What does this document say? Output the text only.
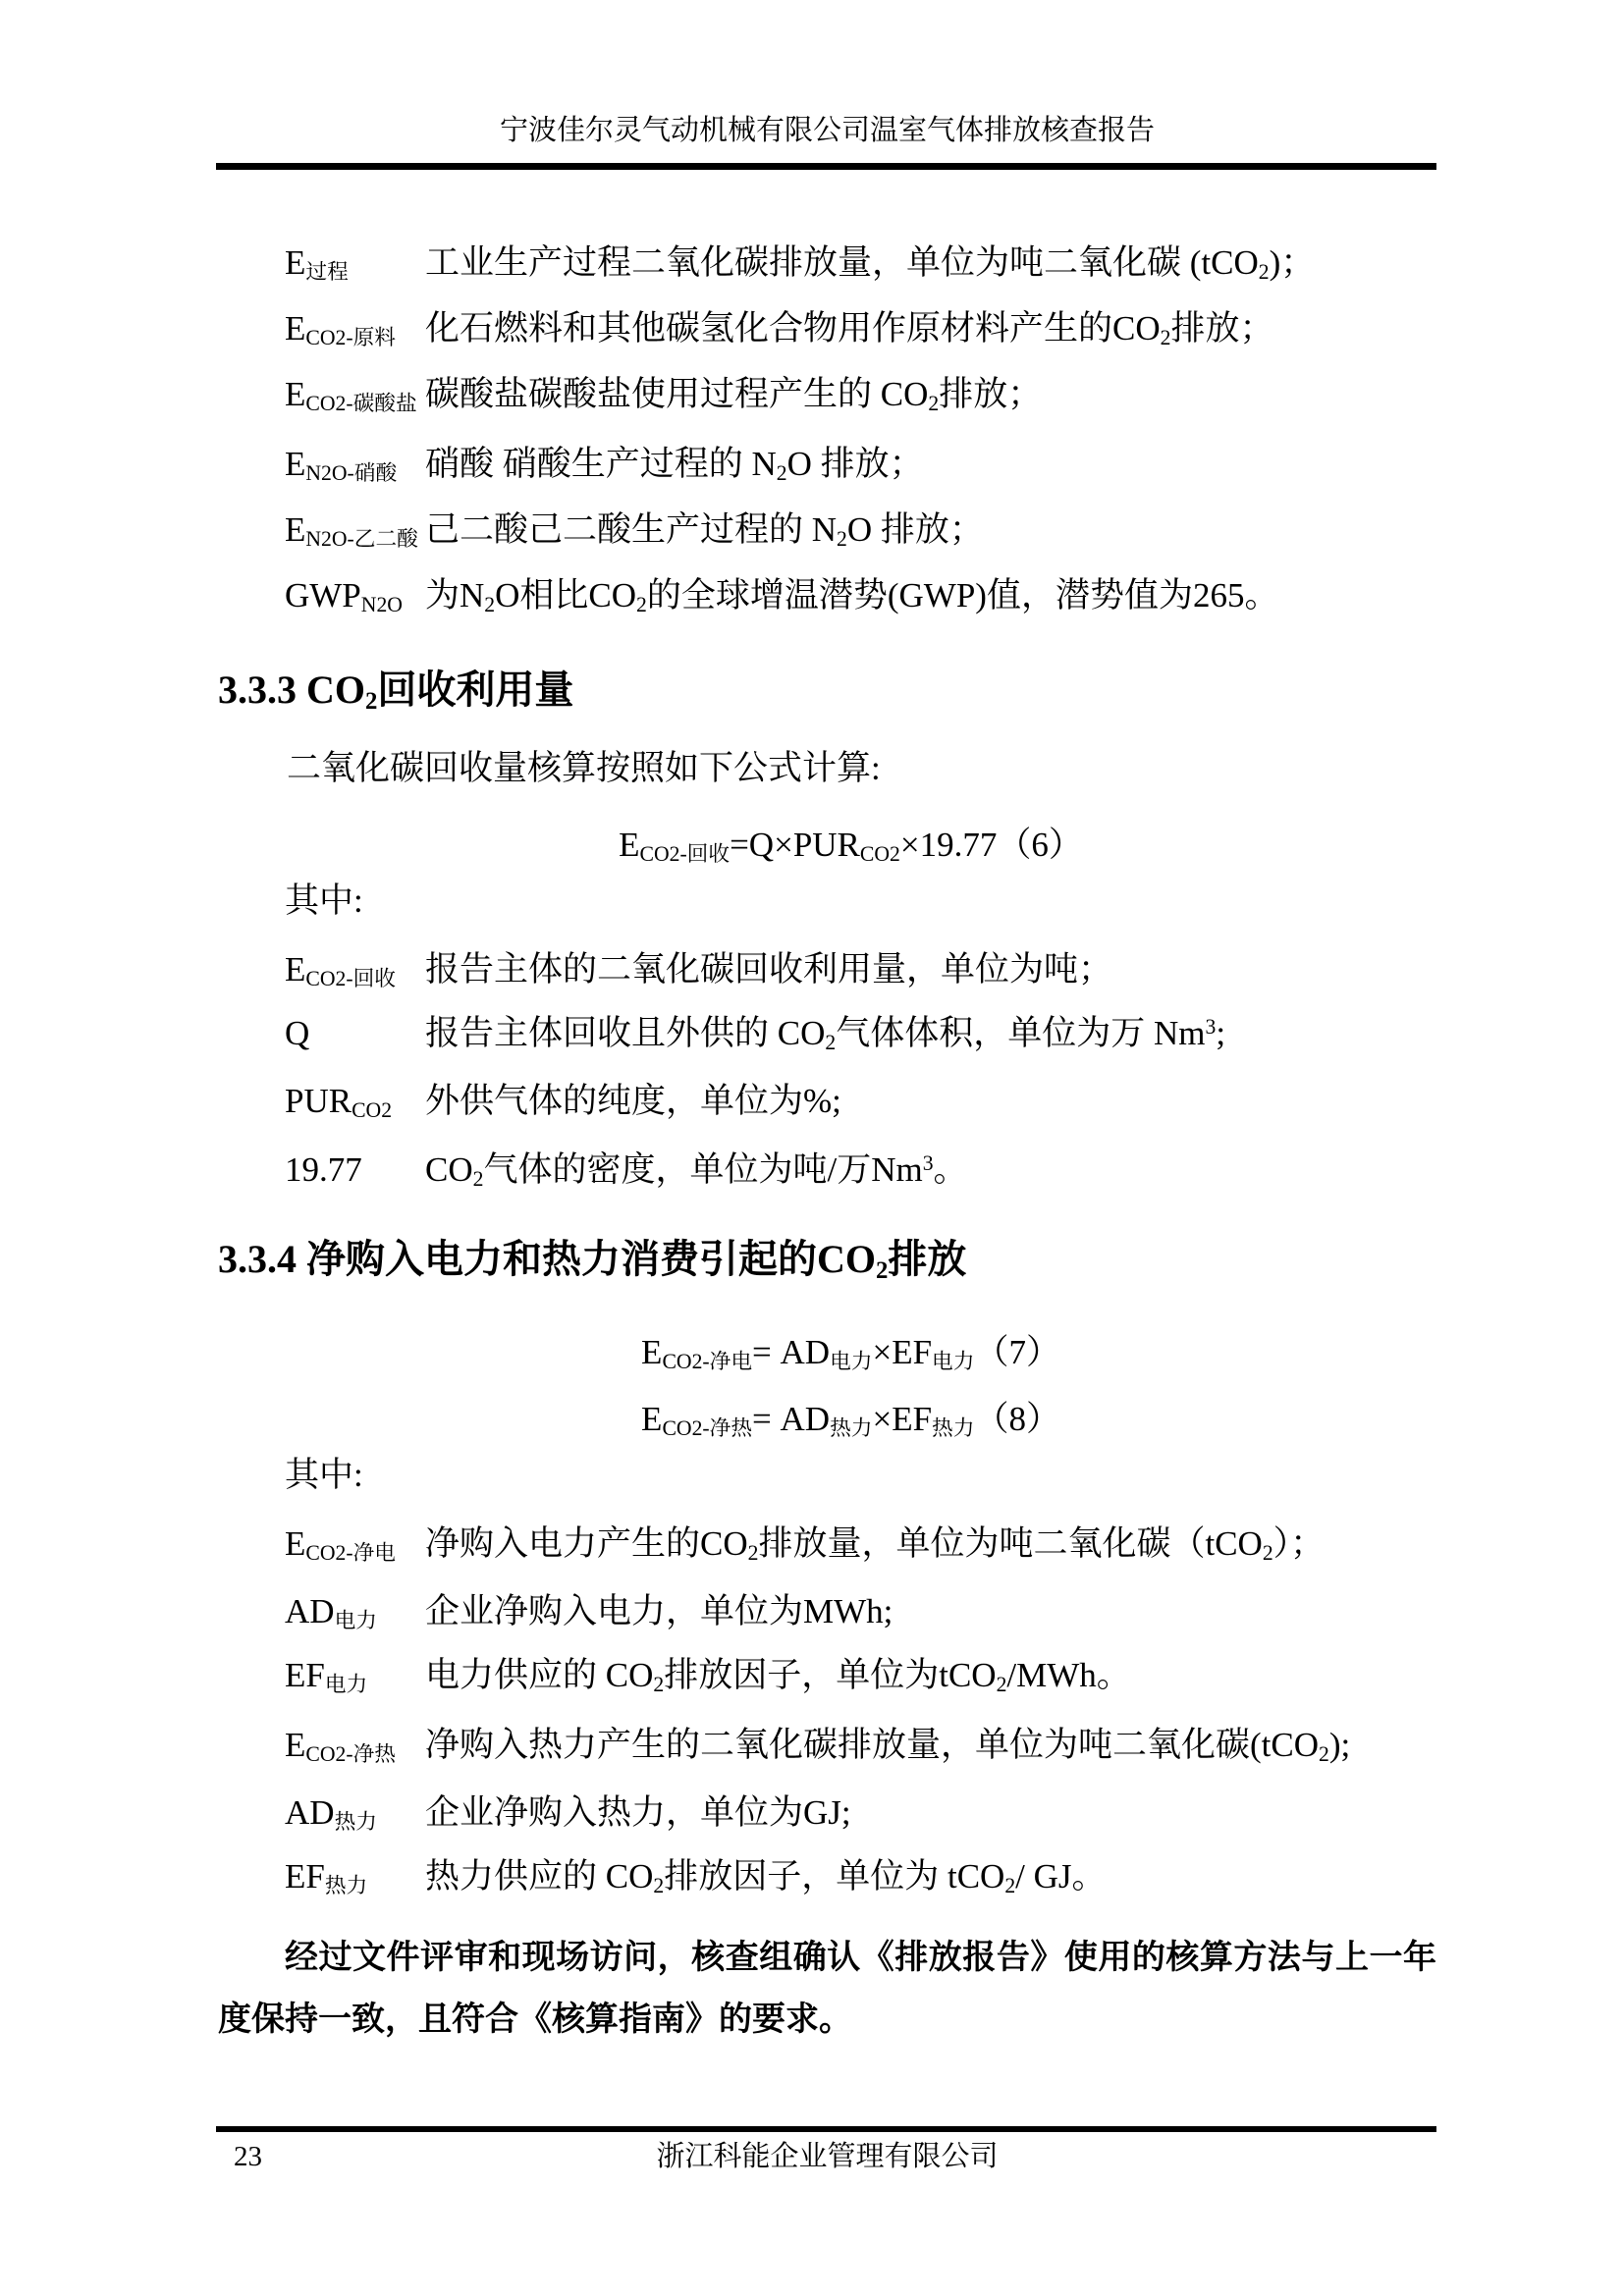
宁波佳尔灵气动机械有限公司温室气体排放核查报告
$E_{过程}$ 工业生产过程二氧化碳排放量，单位为吨二氧化碳 (tCO$_2$)；
$E_{CO2-原料}$ 化石燃料和其他碳氢化合物用作原材料产生的$CO_2$排放；
$E_{CO2-碳酸盐}$ 碳酸盐碳酸盐使用过程产生的 $CO_2$排放；
$E_{N2O-硝酸}$ 硝酸 硝酸生产过程的 $N_2O$ 排放；
$E_{N2O-乙二酸}$ 己二酸己二酸生产过程的 $N_2O$ 排放；
$GWP_{N2O}$ 为$N_2O$相比$CO_2$的全球增温潜势(GWP)值，潜势值为265。
3.3.3 $CO_2$回收利用量
二氧化碳回收量核算按照如下公式计算:
$E_{CO2-回收}=Q\times PUR_{CO2}\times 19.77(6)$
其中:
$E_{CO2-回收}$ 报告主体的二氧化碳回收利用量，单位为吨；
Q	报告主体回收且外供的 $CO_2$气体体积，单位为万 Nm$^3$;
$PUR_{CO2}$ 外供气体的纯度，单位为%;
19.77 $CO_2$气体的密度，单位为吨/万Nm$^3$。
3.3.4 净购入电力和热力消费引起的$CO_2$排放
$E_{CO2-净电}= AD_{电力}\times EF_{电力}(7)$
$E_{CO2-净热}= AD_{热力}\times EF_{热力}(8)$
其中:
$E_{CO2-净电}$ 净购入电力产生的$CO_2$排放量，单位为吨二氧化碳（tCO$_2$）；
$AD_{电力}$ 企业净购入电力，单位为MWh;
$EF_{电力}$ 电力供应的 $CO_2$排放因子，单位为tCO$_2$/MWh。
$E_{CO2-净热}$ 净购入热力产生的二氧化碳排放量，单位为吨二氧化碳(tCO$_2$);
$AD_{热力}$ 企业净购入热力，单位为GJ;
$EF_{热力}$ 热力供应的 $CO_2$排放因子，单位为 tCO$_2$/ GJ。
经过文件评审和现场访问，核查组确认《排放报告》使用的核算方法与上一年
度保持一致，且符合《核算指南》的要求。
23	浙江科能企业管理有限公司
